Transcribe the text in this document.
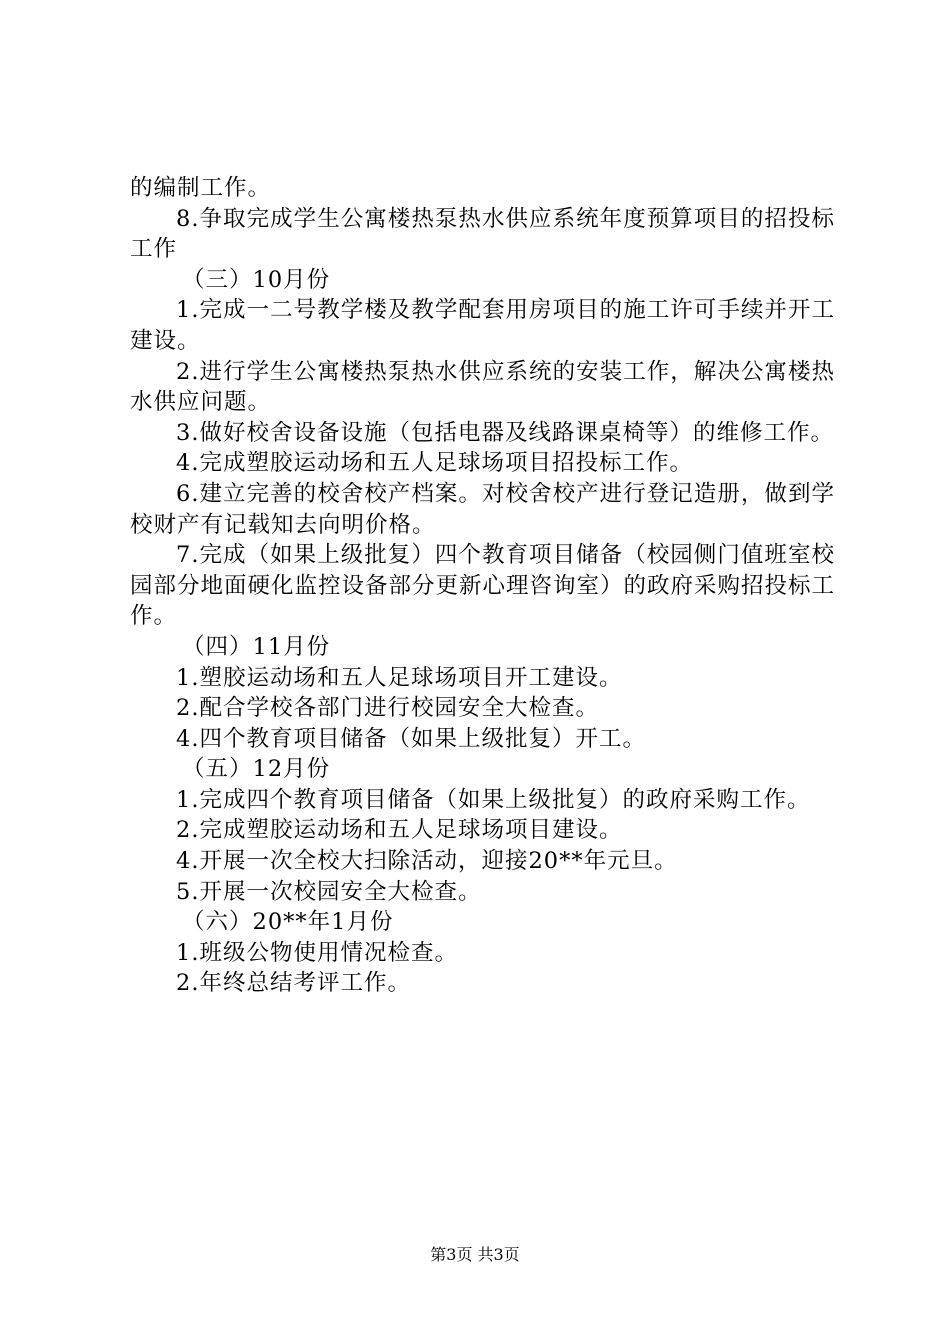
的编制工作。

8.争取完成学生公寓楼热泵热水供应系统年度预算项目的招投标工作

（三）10月份

1.完成一二号教学楼及教学配套用房项目的施工许可手续并开工建设。

2.进行学生公寓楼热泵热水供应系统的安装工作，解决公寓楼热水供应问题。

3.做好校舍设备设施（包括电器及线路课桌椅等）的维修工作。

4.完成塑胶运动场和五人足球场项目招投标工作。

6.建立完善的校舍校产档案。对校舍校产进行登记造册，做到学校财产有记载知去向明价格。

7.完成（如果上级批复）四个教育项目储备（校园侧门值班室校园部分地面硬化监控设备部分更新心理咨询室）的政府采购招投标工作。

（四）11月份

1.塑胶运动场和五人足球场项目开工建设。

2.配合学校各部门进行校园安全大检查。

4.四个教育项目储备（如果上级批复）开工。

（五）12月份

1.完成四个教育项目储备（如果上级批复）的政府采购工作。

2.完成塑胶运动场和五人足球场项目建设。

4.开展一次全校大扫除活动，迎接20**年元旦。

5.开展一次校园安全大检查。

（六）20**年1月份

1.班级公物使用情况检查。

2.年终总结考评工作。

第3页 共3页
